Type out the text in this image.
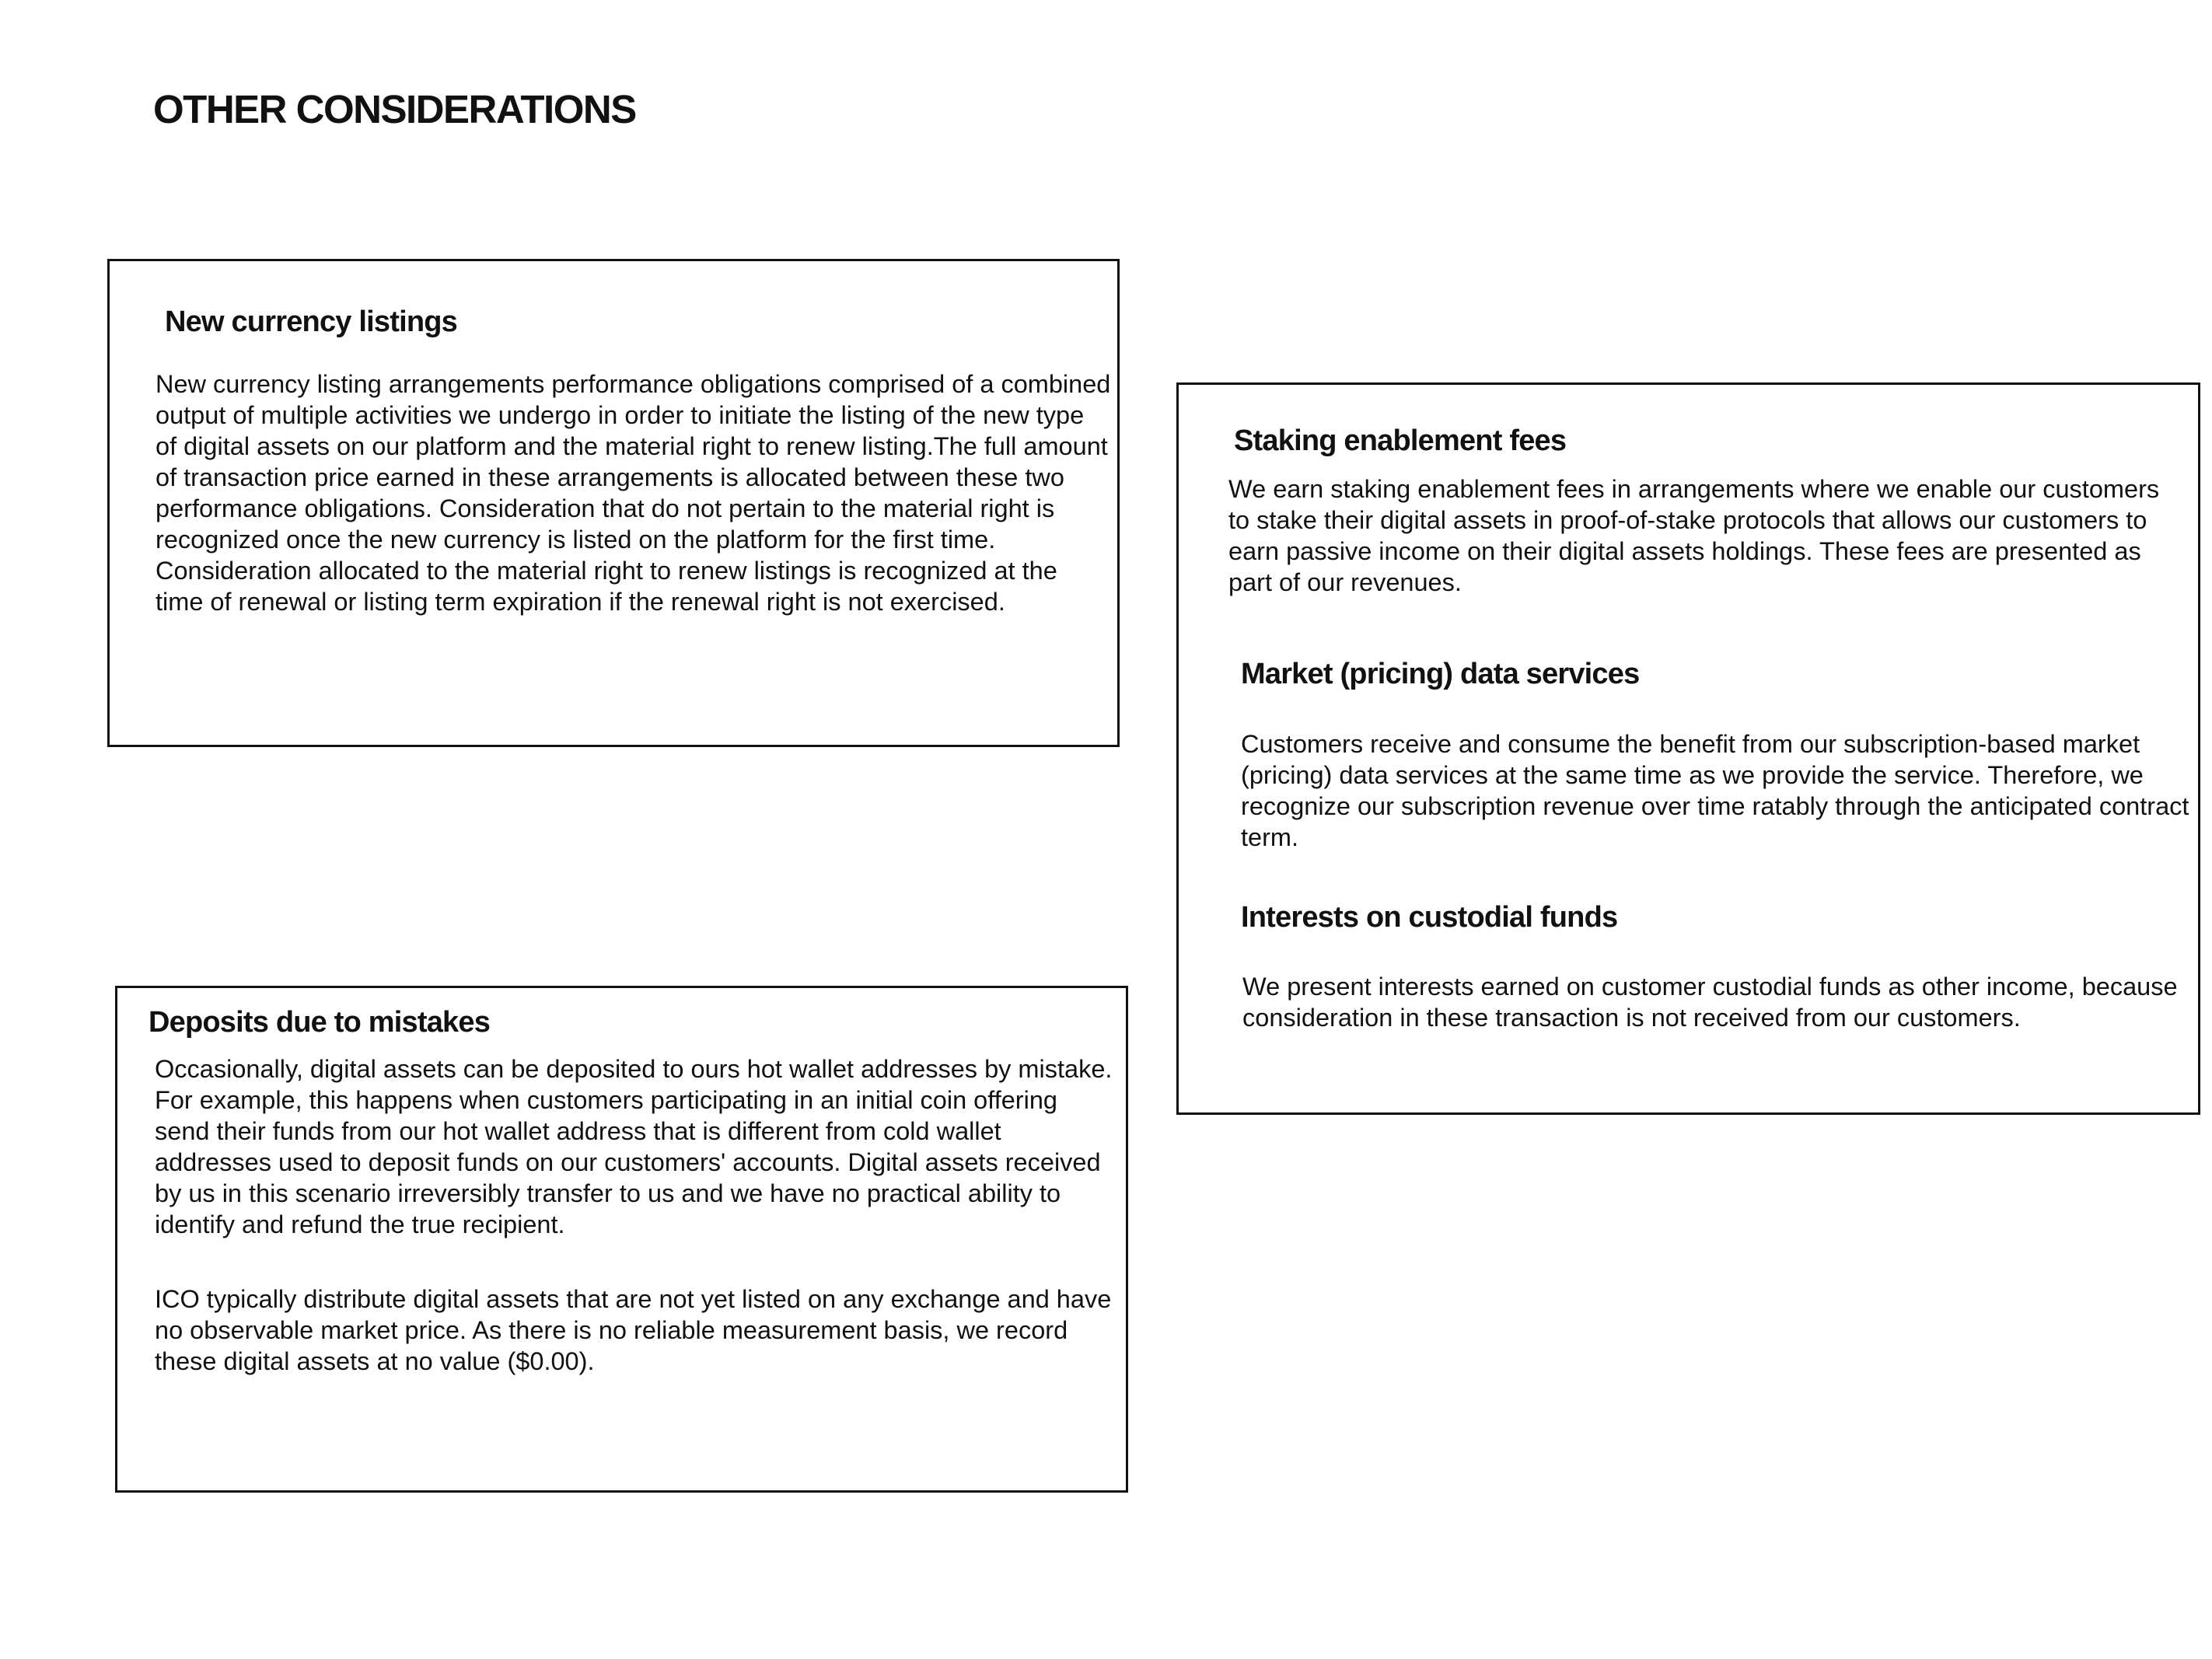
OTHER CONSIDERATIONS
New currency listings

New currency listing arrangements performance obligations comprised of a combined output of multiple activities we undergo in order to initiate the listing of the new type of digital assets on our platform and the material right to renew listing.The full amount of transaction price earned in these arrangements is allocated between these two performance obligations. Consideration that do not pertain to the material right is recognized once the new currency is listed on the platform for the first time. Consideration allocated to the material right to renew listings is recognized at the time of renewal or listing term expiration if the renewal right is not exercised.

Deposits due to mistakes

Occasionally, digital assets can be deposited to ours hot wallet addresses by mistake. For example, this happens when customers participating in an initial coin offering send their funds from our hot wallet address that is different from cold wallet addresses used to deposit funds on our customers' accounts. Digital assets received by us in this scenario irreversibly transfer to us and we have no practical ability to identify and refund the true recipient.

ICO typically distribute digital assets that are not yet listed on any exchange and have no observable market price. As there is no reliable measurement basis, we record these digital assets at no value ($0.00).

Staking enablement fees

We earn staking enablement fees in arrangements where we enable our customers to stake their digital assets in proof-of-stake protocols that allows our customers to earn passive income on their digital assets holdings. These fees are presented as part of our revenues.

Market (pricing) data services

Customers receive and consume the benefit from our subscription-based market (pricing) data services at the same time as we provide the service. Therefore, we recognize our subscription revenue over time ratably through the anticipated contract term.

Interests on custodial funds

We present interests earned on customer custodial funds as other income, because consideration in these transaction is not received from our customers.
